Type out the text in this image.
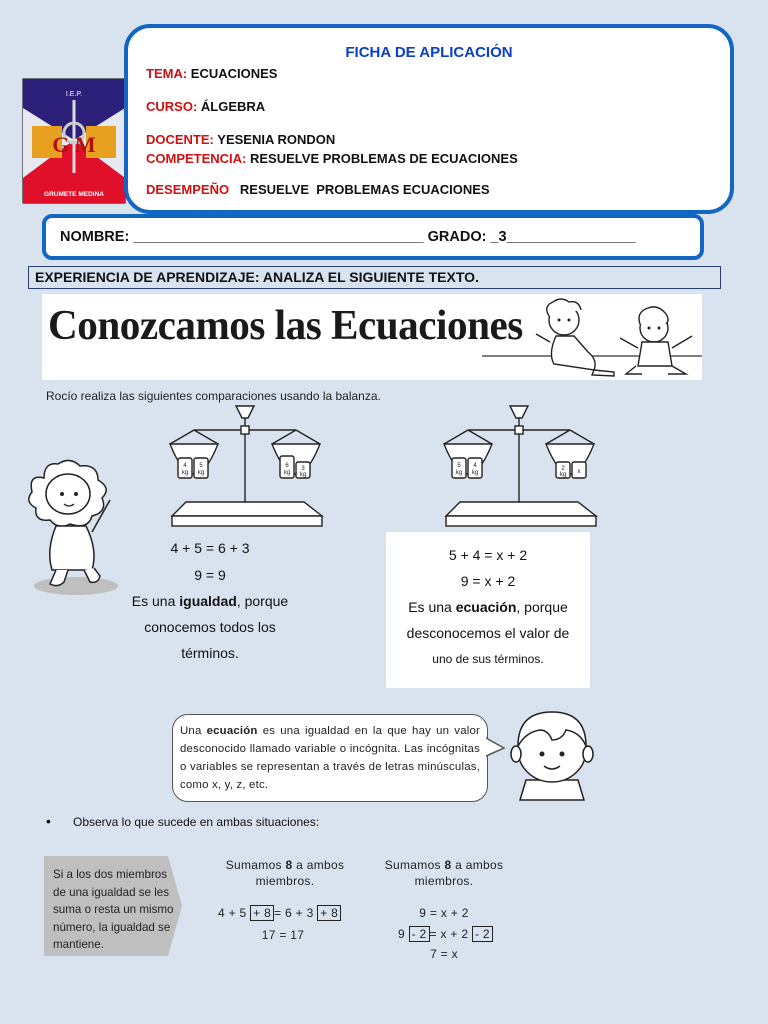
I.E.P.
G M
GRUMETE MEDINA
FICHA DE APLICACIÓN
TEMA: ECUACIONES
CURSO: ÁLGEBRA
DOCENTE: YESENIA RONDON
COMPETENCIA: RESUELVE PROBLEMAS DE ECUACIONES
DESEMPEÑO   RESUELVE  PROBLEMAS ECUACIONES
NOMBRE: ____________________________________ GRADO: _3________________
EXPERIENCIA DE APRENDIZAJE: ANALIZA EL SIGUIENTE TEXTO.
Conozcamos las Ecuaciones
Rocío realiza las siguientes comparaciones usando la balanza.
4
kg
5
kg
6
kg
3
kg
5
kg
4
kg
2
kg x
4 + 5 = 6 + 3
9 = 9
Es una igualdad, porque
conocemos todos los
términos.
5 + 4 = x + 2
9 = x + 2
Es una ecuación, porque
desconocemos el valor de
uno de sus términos.
Una ecuación es una igualdad en la que hay un valor desconocido llamado variable o incógnita. Las incógnitas o variables se representan a través de letras minúsculas, como x, y, z, etc.
• Observa lo que sucede en ambas situaciones:
Si a los dos miembros de una igualdad se les suma o resta un mismo número, la igualdad se mantiene.
Sumamos 8 a ambos
miembros.
4 + 5 + 8 = 6 + 3 + 8
17 = 17
Sumamos 8 a ambos
miembros.
9 = x + 2
9 - 2 = x + 2 - 2
7 = x
